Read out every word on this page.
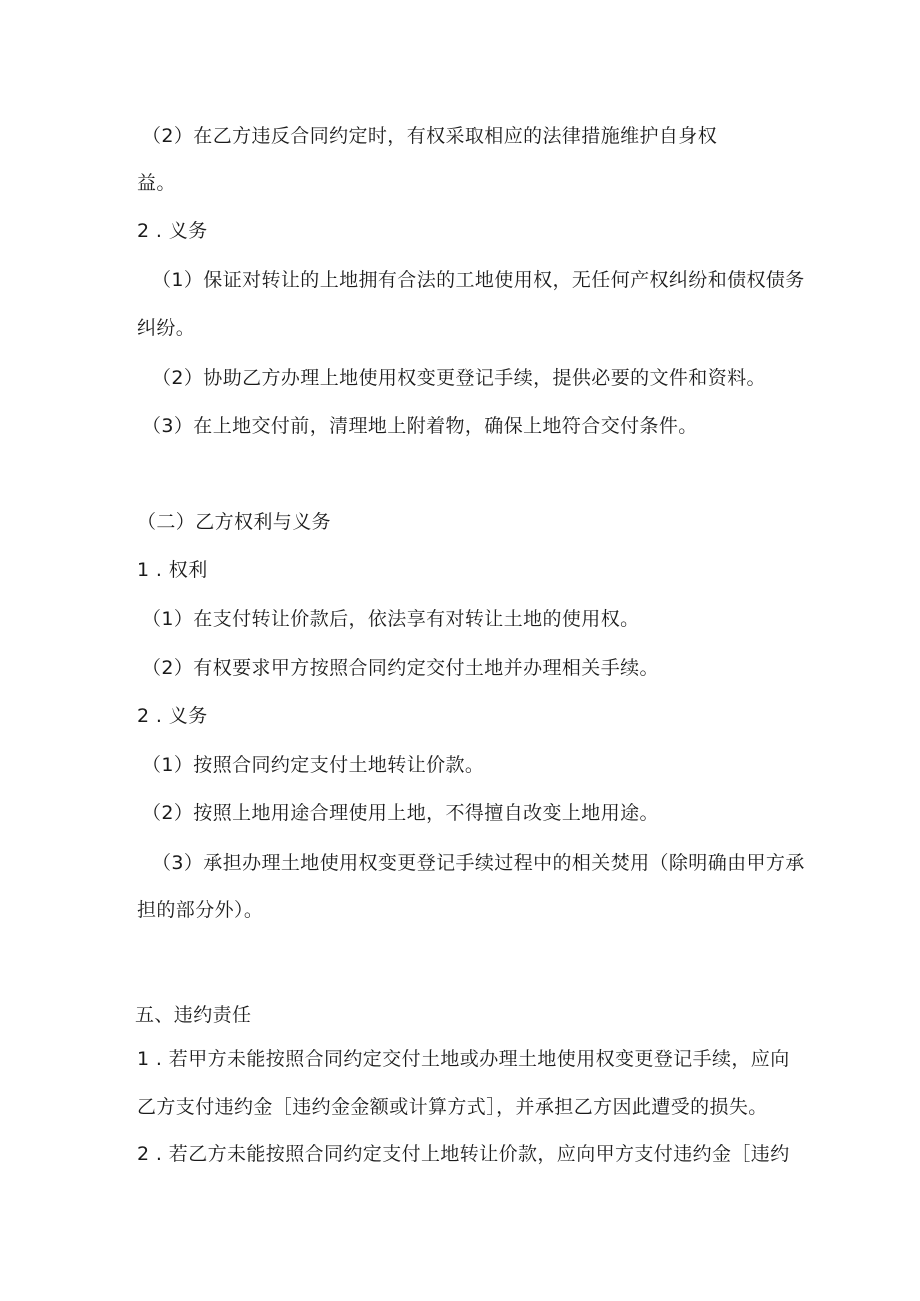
（2）在乙方违反合同约定时，有权采取相应的法律措施维护自身权
益。
2 . 义务
（1）保证对转让的上地拥有合法的工地使用权，无任何产权纠纷和债权债务
纠纷。
（2）协助乙方办理上地使用权变更登记手续，提供必要的文件和资料。
（3）在上地交付前，清理地上附着物，确保上地符合交付条件。
（二）乙方权利与义务
1 . 权利
（1）在支付转让价款后，依法享有对转让土地的使用权。
（2）有权要求甲方按照合同约定交付土地并办理相关手续。
2 . 义务
（1）按照合同约定支付土地转让价款。
（2）按照上地用途合理使用上地，不得擅自改变上地用途。
（3）承担办理土地使用权变更登记手续过程中的相关焚用（除明确由甲方承
担的部分外）。
五、违约责任
1 . 若甲方未能按照合同约定交付土地或办理土地使用权变更登记手续，应向
乙方支付违约金［违约金金额或计算方式］，并承担乙方因此遭受的损失。
2 . 若乙方未能按照合同约定支付上地转让价款，应向甲方支付违约金［违约
